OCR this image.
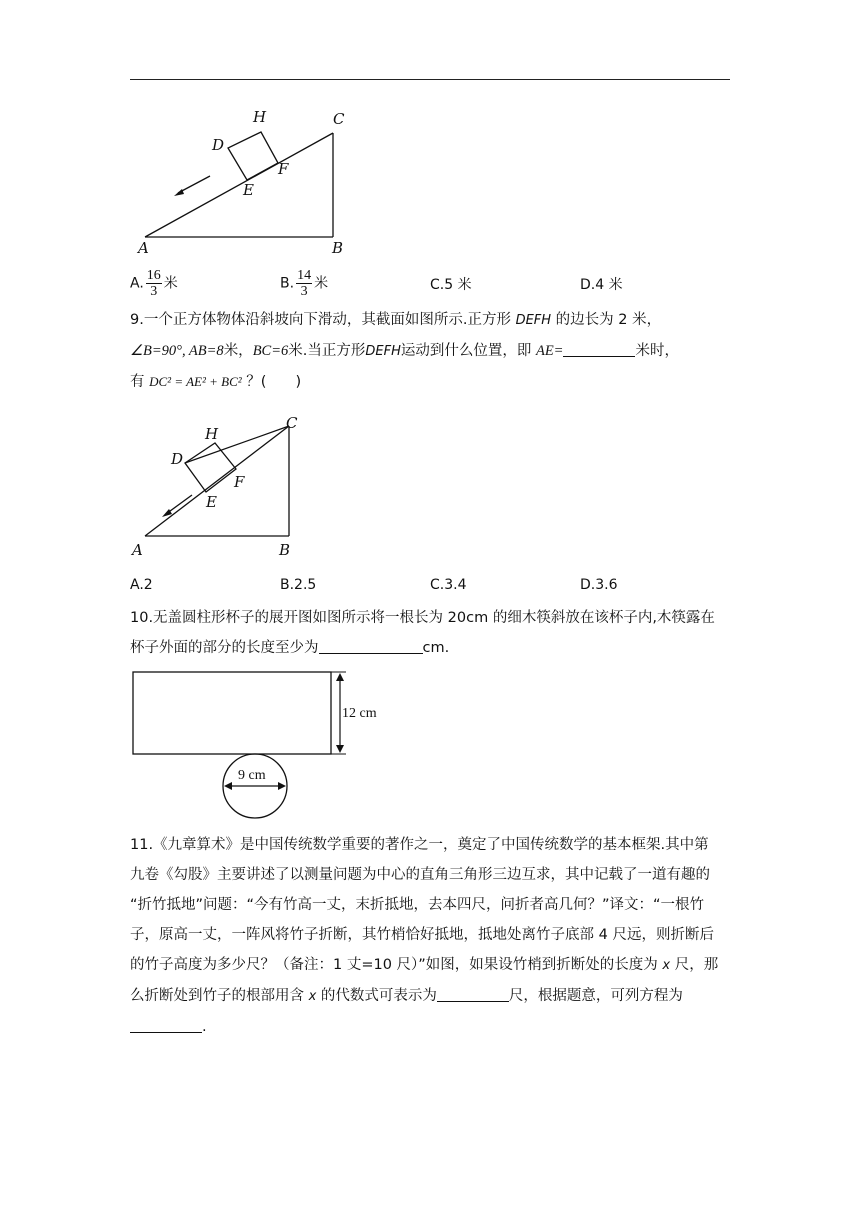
H	C
D
F
E
A	B
A. $\frac{16}{3}$ 米	B. $\frac{14}{3}$ 米	C.5 米	D.4 米
9.一个正方体物体沿斜坡向下滑动，其截面如图所示.正方形 DEFH 的边长为 2 米，
∠B=90°, AB=8米，BC=6米.当正方形DEFH运动到什么位置，即 AE=	米时，
有 DC² = AE² + BC² ？(　　)
H
C
D
F
E
A	B
A.2	B.2.5	C.3.4	D.3.6
10.无盖圆柱形杯子的展开图如图所示将一根长为 20cm 的细木筷斜放在该杯子内,木筷露在
杯子外面的部分的长度至少为	cm.
12 cm
9 cm
11.《九章算术》是中国传统数学重要的著作之一，奠定了中国传统数学的基本框架.其中第
九卷《勾股》主要讲述了以测量问题为中心的直角三角形三边互求，其中记载了一道有趣的
“折竹抵地”问题：“今有竹高一丈，末折抵地，去本四尺，问折者高几何？”译文：“一根竹
子，原高一丈，一阵风将竹子折断，其竹梢恰好抵地，抵地处离竹子底部 4 尺远，则折断后
的竹子高度为多少尺？（备注：1 丈=10 尺）”如图，如果设竹梢到折断处的长度为 x 尺，那
么折断处到竹子的根部用含 x 的代数式可表示为	尺，根据题意，可列方程为
.
